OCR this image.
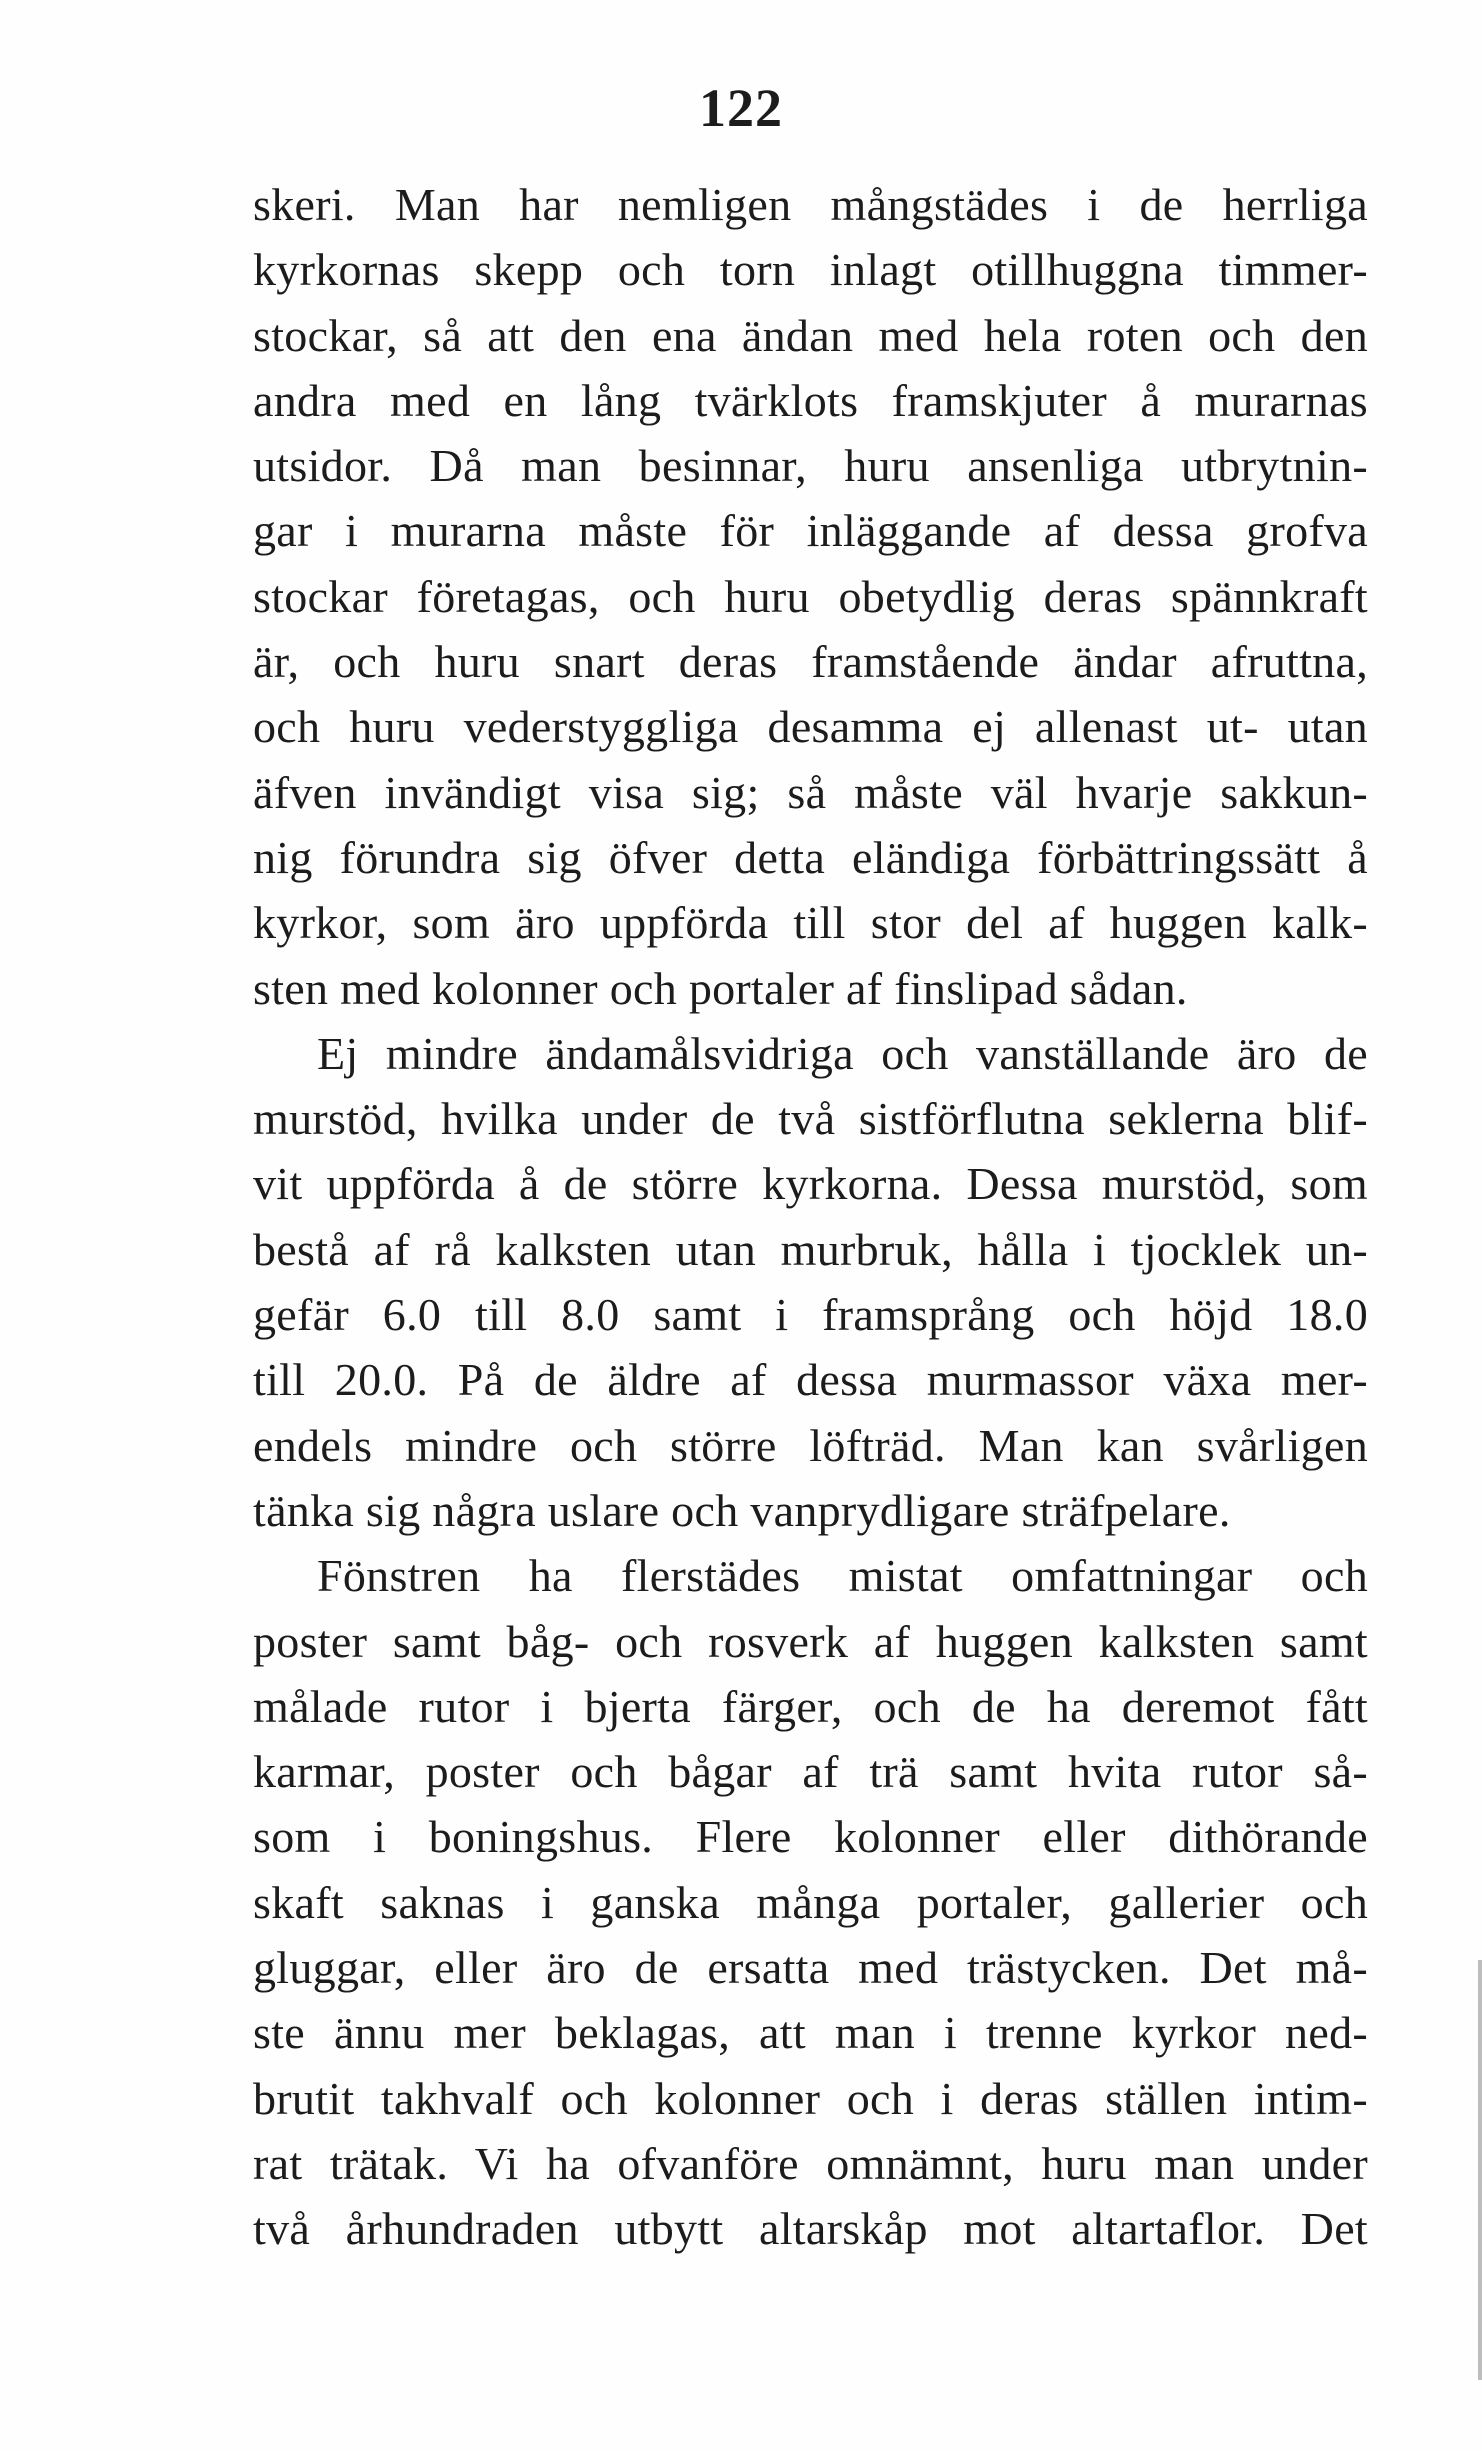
122
skeri. Man har nemligen mångstädes i de herrliga
kyrkornas skepp och torn inlagt otillhuggna timmer-
stockar, så att den ena ändan med hela roten och den
andra med en lång tvärklots framskjuter å murarnas
utsidor. Då man besinnar, huru ansenliga utbrytnin-
gar i murarna måste för inläggande af dessa grofva
stockar företagas, och huru obetydlig deras spännkraft
är, och huru snart deras framstående ändar afruttna,
och huru vederstyggliga desamma ej allenast ut- utan
äfven invändigt visa sig; så måste väl hvarje sakkun-
nig förundra sig öfver detta eländiga förbättringssätt å
kyrkor, som äro uppförda till stor del af huggen kalk-
sten med kolonner och portaler af finslipad sådan.
Ej mindre ändamålsvidriga och vanställande äro de
murstöd, hvilka under de två sistförflutna seklerna blif-
vit uppförda å de större kyrkorna. Dessa murstöd, som
bestå af rå kalksten utan murbruk, hålla i tjocklek un-
gefär 6.0 till 8.0 samt i framsprång och höjd 18.0
till 20.0. På de äldre af dessa murmassor växa mer-
endels mindre och större löfträd. Man kan svårligen
tänka sig några uslare och vanprydligare sträfpelare.
Fönstren ha flerstädes mistat omfattningar och
poster samt båg- och rosverk af huggen kalksten samt
målade rutor i bjerta färger, och de ha deremot fått
karmar, poster och bågar af trä samt hvita rutor så-
som i boningshus. Flere kolonner eller dithörande
skaft saknas i ganska många portaler, gallerier och
gluggar, eller äro de ersatta med trästycken. Det må-
ste ännu mer beklagas, att man i trenne kyrkor ned-
brutit takhvalf och kolonner och i deras ställen intim-
rat trätak. Vi ha ofvanföre omnämnt, huru man under
två århundraden utbytt altarskåp mot altartaflor. Det
